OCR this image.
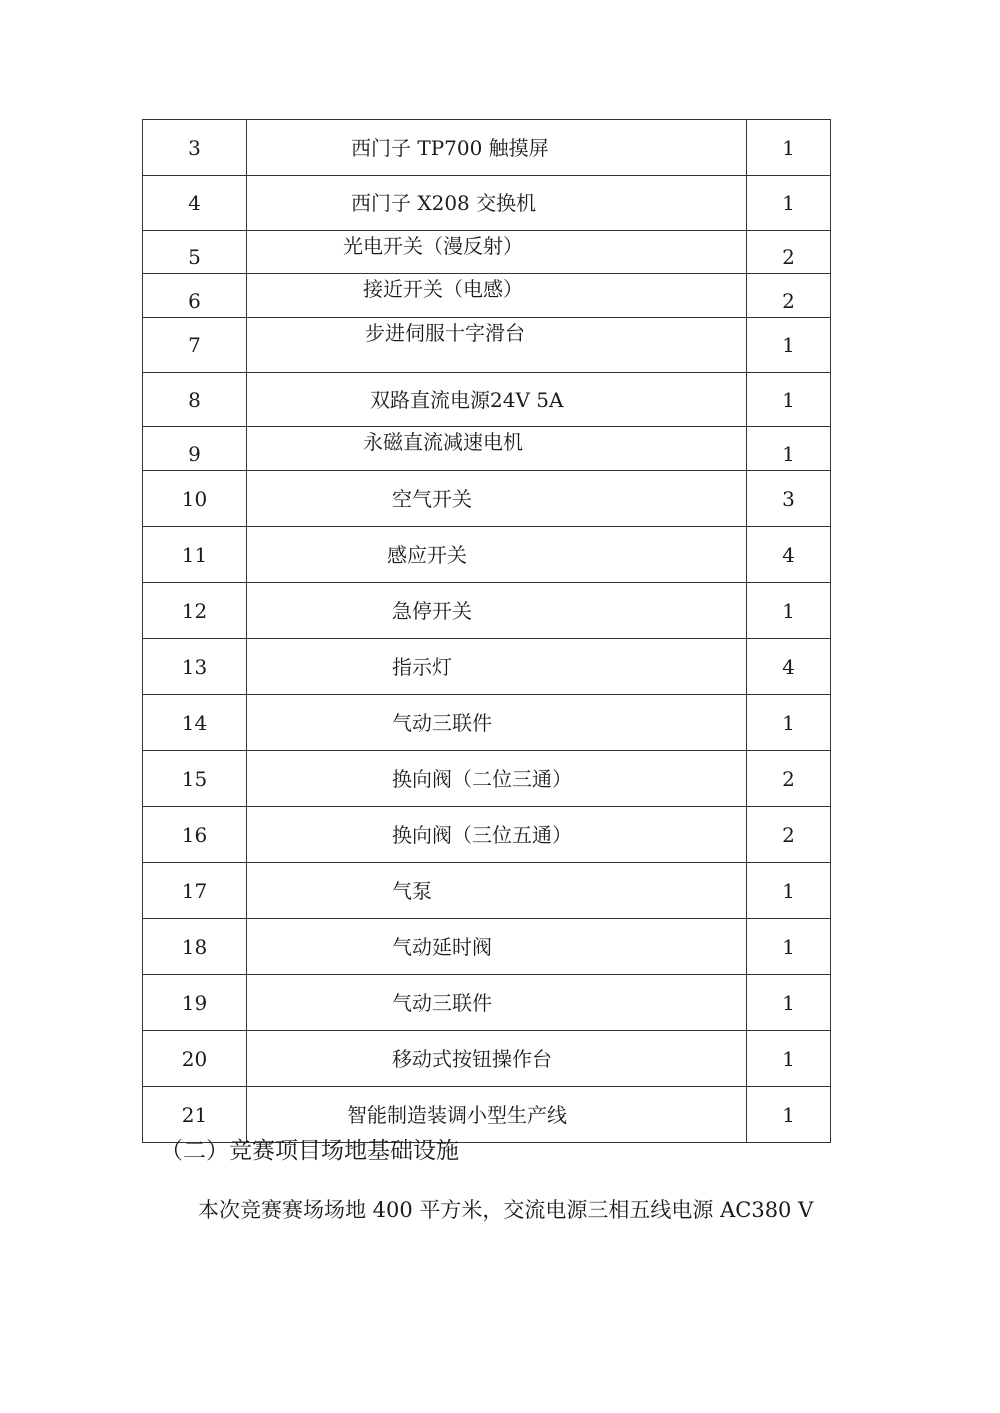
3	西门子 TP700 触摸屏	1

4	西门子 X208 交换机	1

5	光电开关（漫反射）	2

6	接近开关（电感）	2

7	步进伺服十字滑台	1

8	双路直流电源24V 5A	1

9	永磁直流减速电机	1

10	空气开关	3

11	感应开关	4

12	急停开关	1

13	指示灯	4

14	气动三联件	1

15	换向阀（二位三通）	2

16	换向阀（三位五通）	2

17	气泵	1

18	气动延时阀	1

19	气动三联件	1

20	移动式按钮操作台	1

21	智能制造装调小型生产线	1
（二）竞赛项目场地基础设施
本次竞赛赛场场地 400 平方米，交流电源三相五线电源 AC380 V
